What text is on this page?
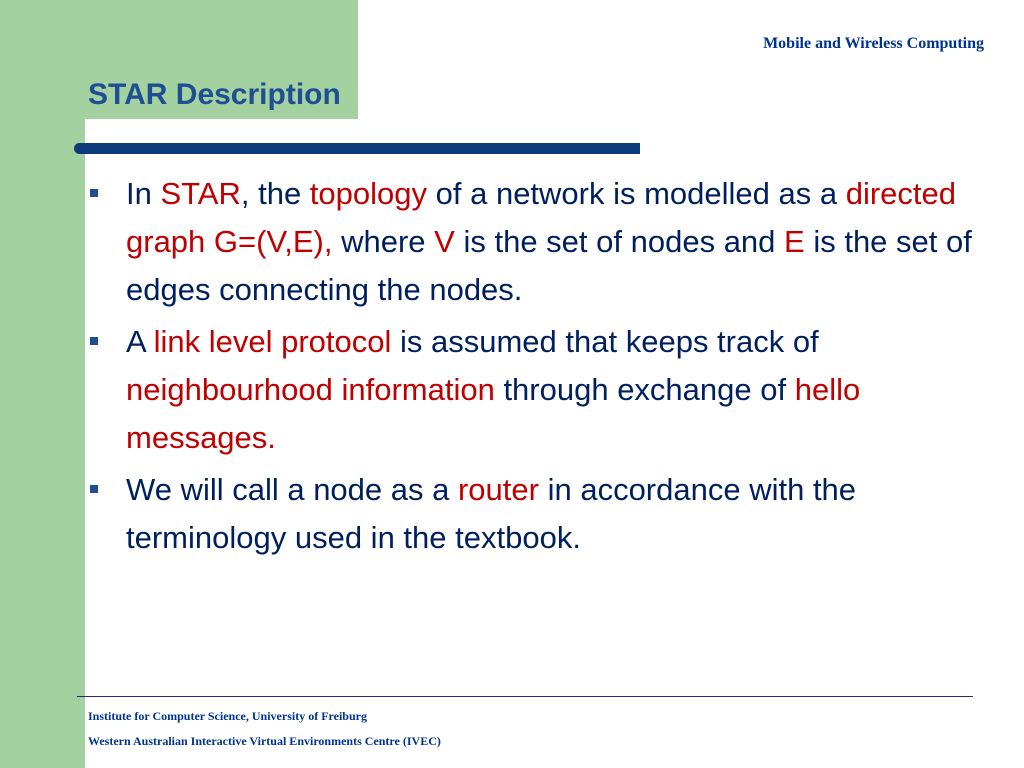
Mobile and Wireless Computing
STAR Description
In STAR, the topology of a network is modelled as a directed graph G=(V,E), where V is the set of nodes and E is the set of edges connecting the nodes.
A link level protocol is assumed that keeps track of neighbourhood information through exchange of hello messages.
We will call a node as a router in accordance with the terminology used in the textbook.
Institute for Computer Science, University of Freiburg
Western Australian Interactive Virtual Environments Centre (IVEC)
